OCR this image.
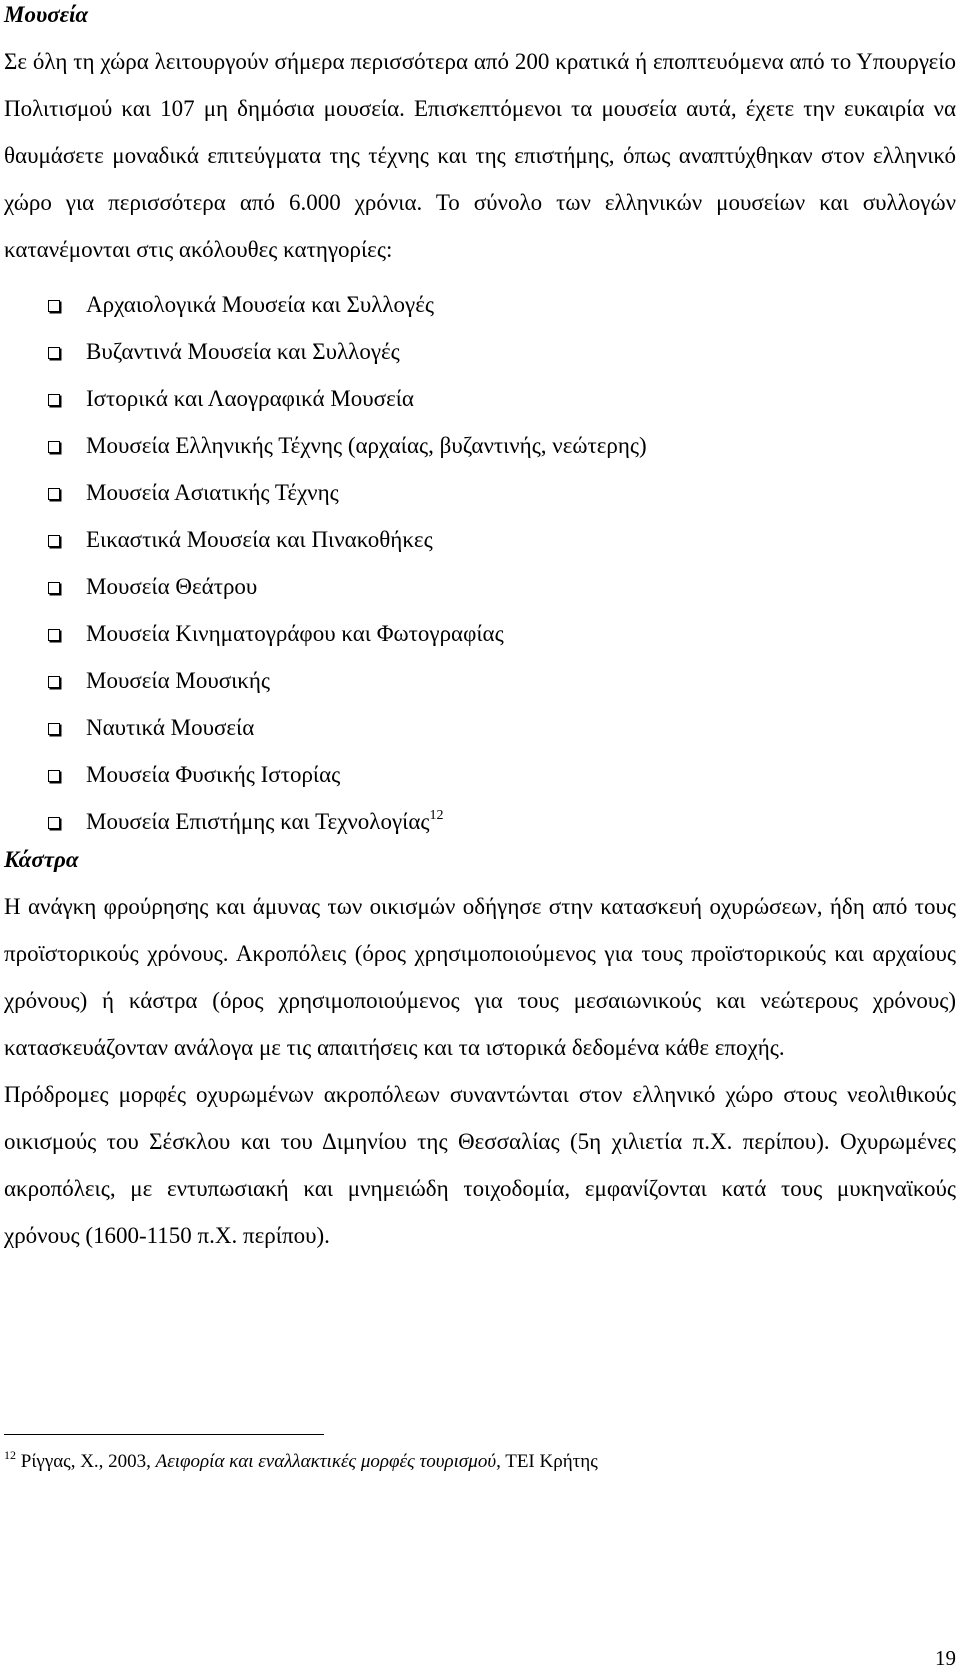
Μουσεία

Σε όλη τη χώρα λειτουργούν σήμερα περισσότερα από 200 κρατικά ή εποπτευόμενα από το Υπουργείο Πολιτισμού και 107 μη δημόσια μουσεία. Επισκεπτόμενοι τα μουσεία αυτά, έχετε την ευκαιρία να θαυμάσετε μοναδικά επιτεύγματα της τέχνης και της επιστήμης, όπως αναπτύχθηκαν στον ελληνικό χώρο για περισσότερα από 6.000 χρόνια. Το σύνολο των ελληνικών μουσείων και συλλογών κατανέμονται στις ακόλουθες κατηγορίες:

Αρχαιολογικά Μουσεία και Συλλογές
Βυζαντινά Μουσεία και Συλλογές
Ιστορικά και Λαογραφικά Μουσεία
Μουσεία Ελληνικής Τέχνης (αρχαίας, βυζαντινής, νεώτερης)
Μουσεία Ασιατικής Τέχνης
Εικαστικά Μουσεία και Πινακοθήκες
Μουσεία Θεάτρου
Μουσεία Κινηματογράφου και Φωτογραφίας
Μουσεία Μουσικής
Ναυτικά Μουσεία
Μουσεία Φυσικής Ιστορίας
Μουσεία Επιστήμης και Τεχνολογίας$^{12}$
Κάστρα

Η ανάγκη φρούρησης και άμυνας των οικισμών οδήγησε στην κατασκευή οχυρώσεων, ήδη από τους προϊστορικούς χρόνους. Ακροπόλεις (όρος χρησιμοποιούμενος για τους προϊστορικούς και αρχαίους χρόνους) ή κάστρα (όρος χρησιμοποιούμενος για τους μεσαιωνικούς και νεώτερους χρόνους) κατασκευάζονταν ανάλογα με τις απαιτήσεις και τα ιστορικά δεδομένα κάθε εποχής.

Πρόδρομες μορφές οχυρωμένων ακροπόλεων συναντώνται στον ελληνικό χώρο στους νεολιθικούς οικισμούς του Σέσκλου και του Διμηνίου της Θεσσαλίας (5η χιλιετία π.Χ. περίπου). Οχυρωμένες ακροπόλεις, με εντυπωσιακή και μνημειώδη τοιχοδομία, εμφανίζονται κατά τους μυκηναϊκούς χρόνους (1600-1150 π.Χ. περίπου).

$^{12}$ Ρίγγας, Χ., 2003, Αειφορία και εναλλακτικές μορφές τουρισμού, ΤΕΙ Κρήτης

19
